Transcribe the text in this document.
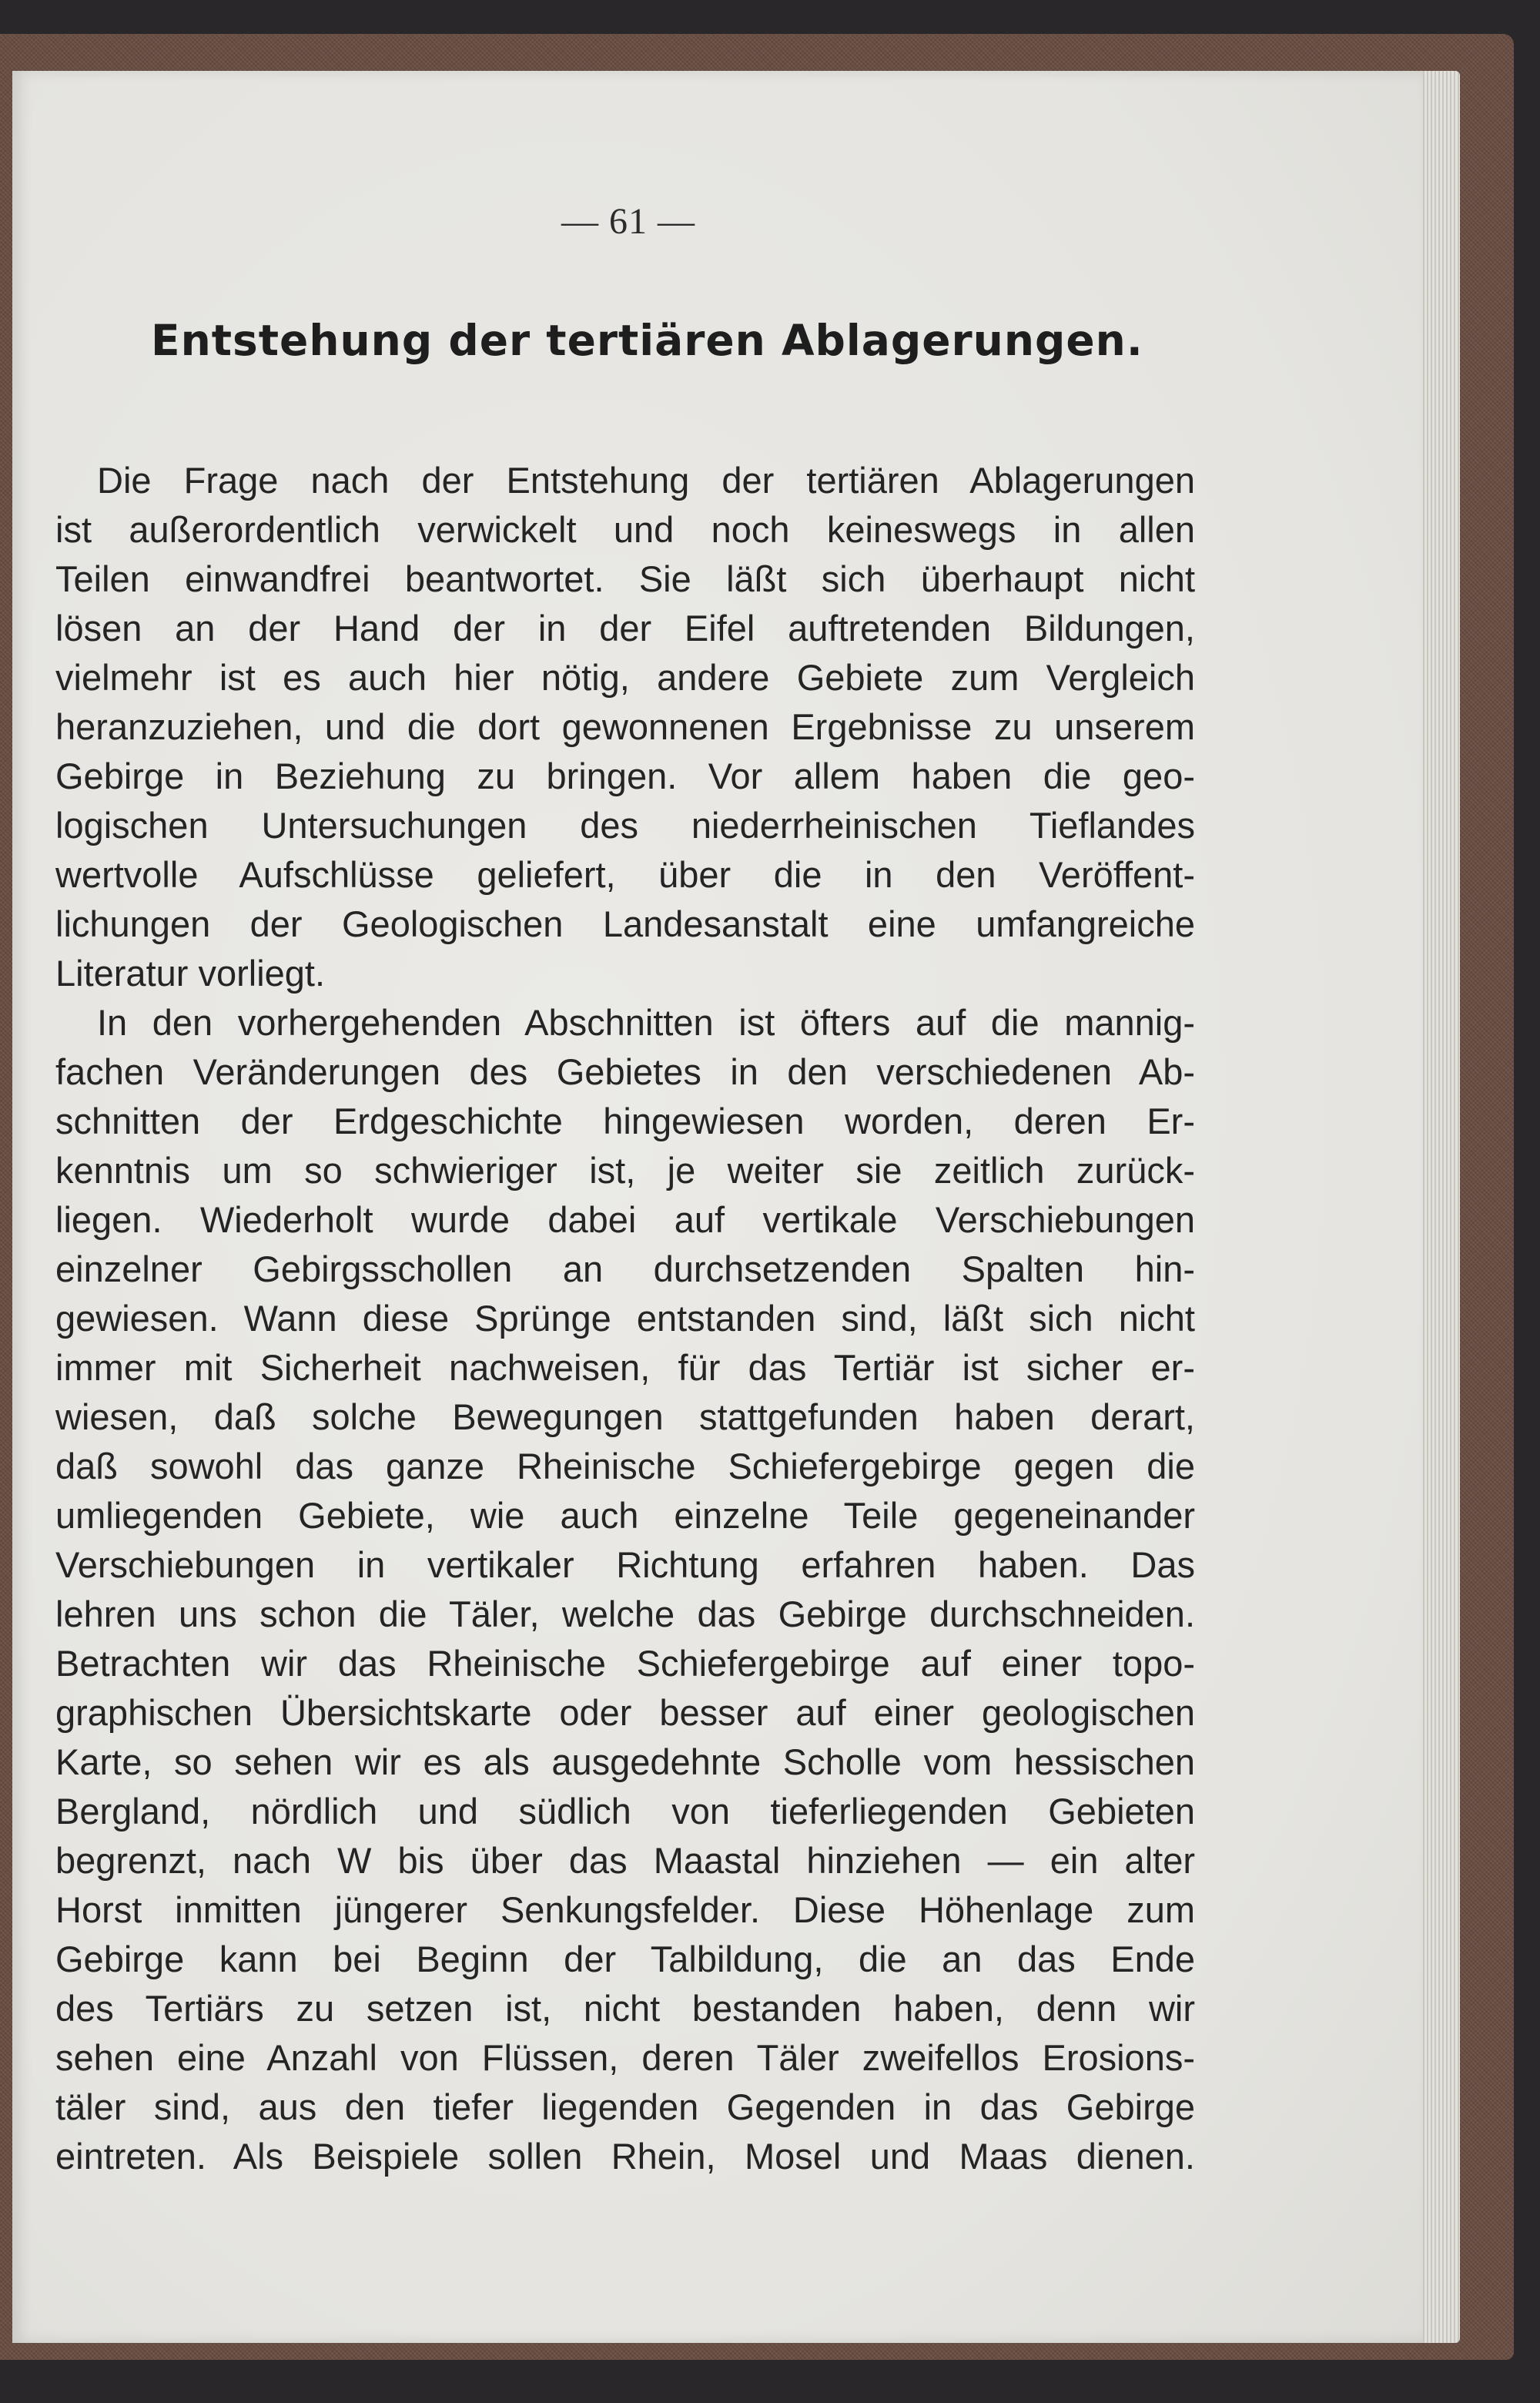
— 61 —
Entstehung der tertiären Ablagerungen.
Die Frage nach der Entstehung der tertiären Ablagerungen
ist außerordentlich verwickelt und noch keineswegs in allen
Teilen einwandfrei beantwortet. Sie läßt sich überhaupt nicht
lösen an der Hand der in der Eifel auftretenden Bildungen,
vielmehr ist es auch hier nötig, andere Gebiete zum Vergleich
heranzuziehen, und die dort gewonnenen Ergebnisse zu unserem
Gebirge in Beziehung zu bringen. Vor allem haben die geo-
logischen Untersuchungen des niederrheinischen Tieflandes
wertvolle Aufschlüsse geliefert, über die in den Veröffent-
lichungen der Geologischen Landesanstalt eine umfangreiche
Literatur vorliegt.
In den vorhergehenden Abschnitten ist öfters auf die mannig-
fachen Veränderungen des Gebietes in den verschiedenen Ab-
schnitten der Erdgeschichte hingewiesen worden, deren Er-
kenntnis um so schwieriger ist, je weiter sie zeitlich zurück-
liegen. Wiederholt wurde dabei auf vertikale Verschiebungen
einzelner Gebirgsschollen an durchsetzenden Spalten hin-
gewiesen. Wann diese Sprünge entstanden sind, läßt sich nicht
immer mit Sicherheit nachweisen, für das Tertiär ist sicher er-
wiesen, daß solche Bewegungen stattgefunden haben derart,
daß sowohl das ganze Rheinische Schiefergebirge gegen die
umliegenden Gebiete, wie auch einzelne Teile gegeneinander
Verschiebungen in vertikaler Richtung erfahren haben. Das
lehren uns schon die Täler, welche das Gebirge durchschneiden.
Betrachten wir das Rheinische Schiefergebirge auf einer topo-
graphischen Übersichtskarte oder besser auf einer geologischen
Karte, so sehen wir es als ausgedehnte Scholle vom hessischen
Bergland, nördlich und südlich von tieferliegenden Gebieten
begrenzt, nach W bis über das Maastal hinziehen — ein alter
Horst inmitten jüngerer Senkungsfelder. Diese Höhenlage zum
Gebirge kann bei Beginn der Talbildung, die an das Ende
des Tertiärs zu setzen ist, nicht bestanden haben, denn wir
sehen eine Anzahl von Flüssen, deren Täler zweifellos Erosions-
täler sind, aus den tiefer liegenden Gegenden in das Gebirge
eintreten. Als Beispiele sollen Rhein, Mosel und Maas dienen.
